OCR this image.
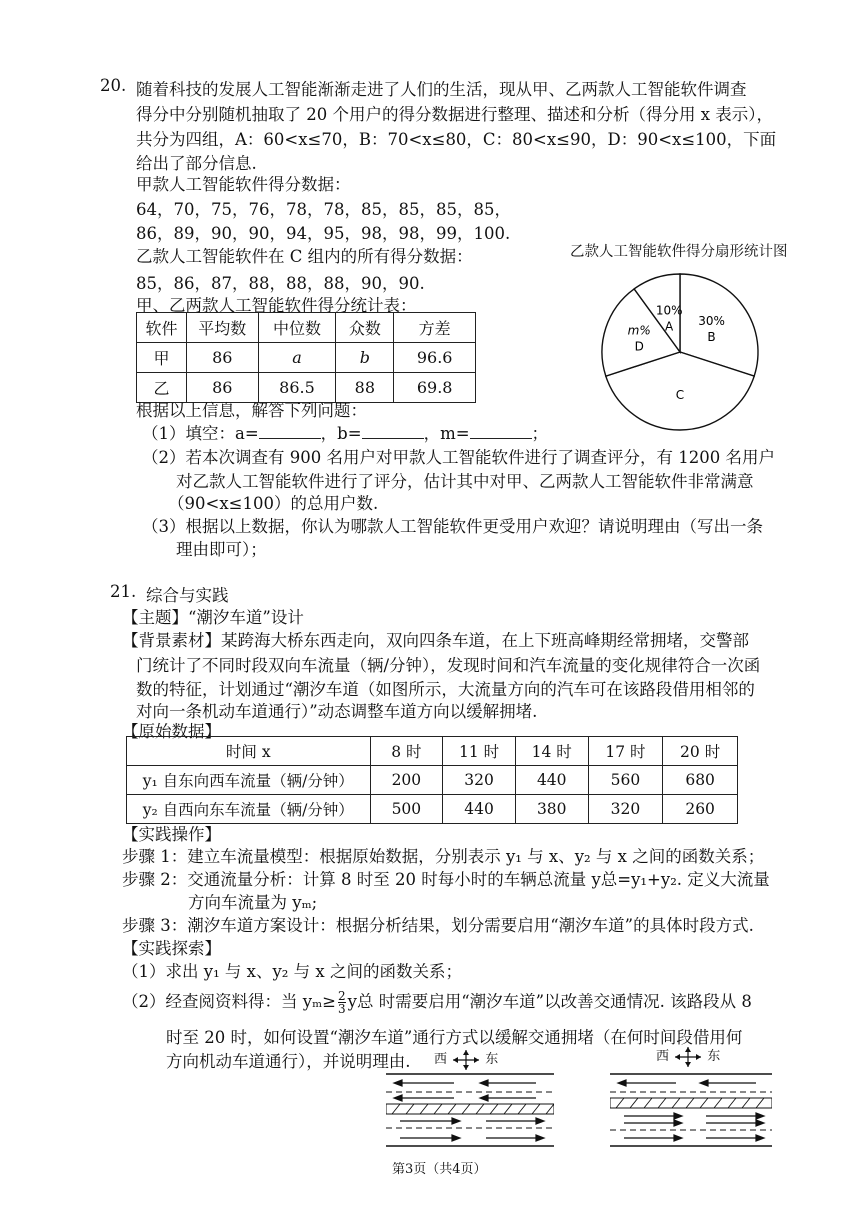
20. 随着科技的发展人工智能渐渐走进了人们的生活，现从甲、乙两款人工智能软件调查
得分中分别随机抽取了 20 个用户的得分数据进行整理、描述和分析（得分用 x 表示），
共分为四组，A：60<x≤70，B：70<x≤80，C：80<x≤90，D：90<x≤100，下面
给出了部分信息.
甲款人工智能软件得分数据：
64，70，75，76，78，78，85，85，85，85，
86，89，90，90，94，95，98，98，99，100.
乙款人工智能软件在 C 组内的所有得分数据：
85，86，87，88，88，88，90，90.
甲、乙两款人工智能软件得分统计表：
软件	平均数	中位数	众数	方差
甲	86	a	b	96.6
乙	86	86.5	88	69.8
乙款人工智能软件得分扇形统计图
30%
B
C
m%
D
10%
A
根据以上信息，解答下列问题：
（1）填空：a=	，b=	，m=	；
（2）若本次调查有 900 名用户对甲款人工智能软件进行了调查评分，有 1200 名用户
对乙款人工智能软件进行了评分，估计其中对甲、乙两款人工智能软件非常满意
（90<x≤100）的总用户数.
（3）根据以上数据，你认为哪款人工智能软件更受用户欢迎？请说明理由（写出一条
理由即可）；
21. 综合与实践
【主题】“潮汐车道”设计
【背景素材】某跨海大桥东西走向，双向四条车道，在上下班高峰期经常拥堵，交警部
门统计了不同时段双向车流量（辆/分钟），发现时间和汽车流量的变化规律符合一次函
数的特征，计划通过“潮汐车道（如图所示，大流量方向的汽车可在该路段借用相邻的
对向一条机动车道通行）”动态调整车道方向以缓解拥堵.
【原始数据】
时间 x	8 时	11 时	14 时	17 时	20 时
y₁ 自东向西车流量（辆/分钟）	200	320	440	560	680
y₂ 自西向东车流量（辆/分钟）	500	440	380	320	260
【实践操作】
步骤 1：建立车流量模型：根据原始数据，分别表示 y₁ 与 x、y₂ 与 x 之间的函数关系；
步骤 2：交通流量分析：计算 8 时至 20 时每小时的车辆总流量 y总=y₁+y₂. 定义大流量
方向车流量为 yₘ;
步骤 3：潮汐车道方案设计：根据分析结果，划分需要启用“潮汐车道”的具体时段方式.
【实践探索】
（1）求出 y₁ 与 x、y₂ 与 x 之间的函数关系；
（2）经查阅资料得：当 $y_m\ge \frac{2}{3}$ y总 时需要启用“潮汐车道”以改善交通情况. 该路段从 8
时至 20 时，如何设置“潮汐车道”通行方式以缓解交通拥堵（在何时间段借用何
方向机动车道通行），并说明理由. 西	东	西	东
第3页（共4页）
